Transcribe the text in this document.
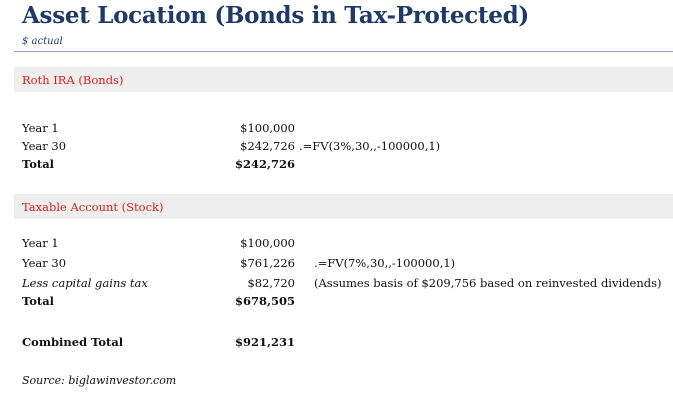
Asset Location (Bonds in Tax-Protected)
$ actual
Roth IRA (Bonds)
Year 1	$100,000
Year 30	$242,726 .=FV(3%,30,,-100000,1)
Total	$242,726
Taxable Account (Stock)
Year 1	$100,000
Year 30	$761,226 .=FV(7%,30,,-100000,1)
Less capital gains tax	$82,720 (Assumes basis of $209,756 based on reinvested dividends)
Total	$678,505
Combined Total	$921,231
Source: biglawinvestor.com
